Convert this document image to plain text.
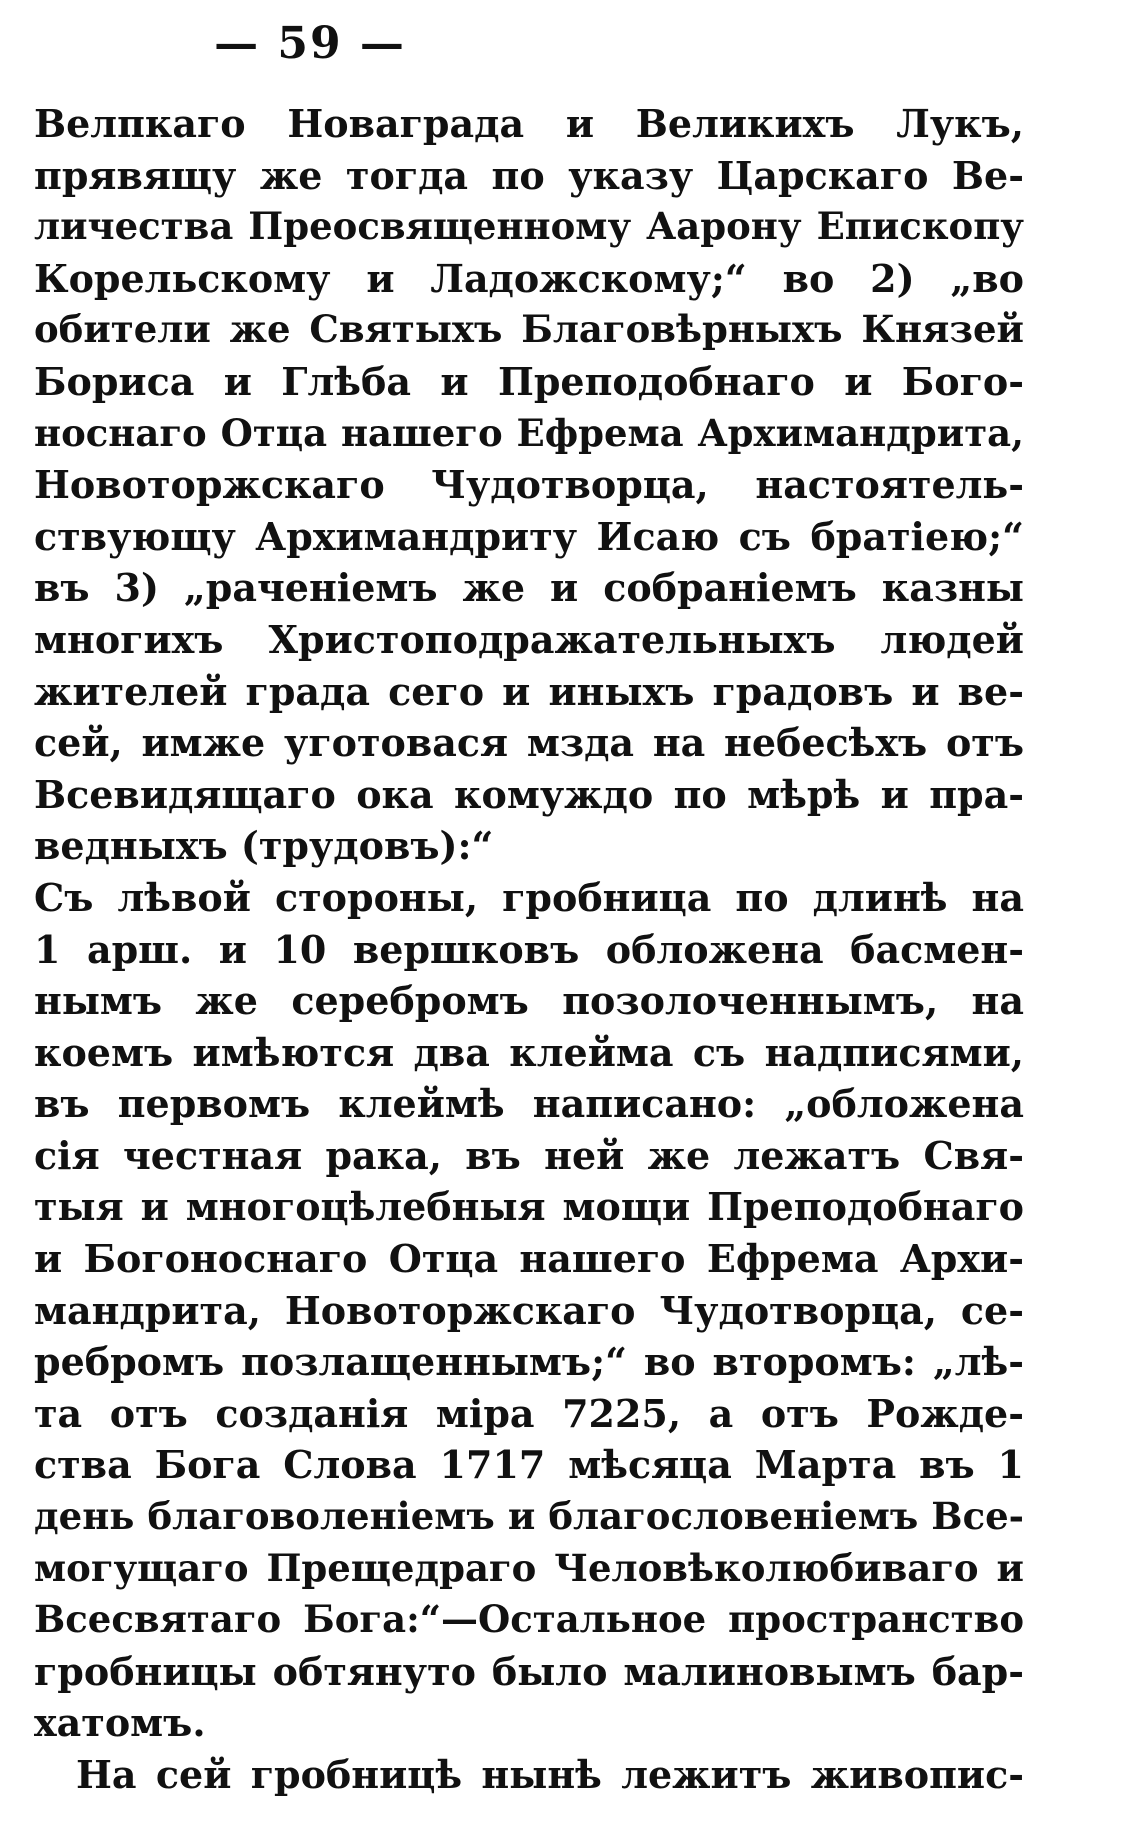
— 59 —
Велпкаго Новаграда и Великихъ Лукъ,
прявящу же тогда по указу Царскаго Ве-
личества Преосвященному Аарону Епископу
Корельскому и Ладожскому;“ во 2) „во
обители же Святыхъ Благовѣрныхъ Князей
Бориса и Глѣба и Преподобнаго и Бого-
носнаго Отца нашего Ефрема Архимандрита,
Новоторжскаго Чудотворца, настоятель-
ствующу Архимандриту Исаю съ братiею;“
въ 3) „раченiемъ же и собранiемъ казны
многихъ Христоподражательныхъ людей
жителей града сего и иныхъ градовъ и ве-
сей, имже уготовася мзда на небесѣхъ отъ
Всевидящаго ока комуждо по мѣрѣ и пра-
ведныхъ (трудовъ):“
Съ лѣвой стороны, гробница по длинѣ на
1 арш. и 10 вершковъ обложена басмен-
нымъ же серебромъ позолоченнымъ, на
коемъ имѣются два клейма съ надписями,
въ первомъ клеймѣ написано: „обложена
сiя честная рака, въ ней же лежатъ Свя-
тыя и многоцѣлебныя мощи Преподобнаго
и Богоноснаго Отца нашего Ефрема Архи-
мандрита, Новоторжскаго Чудотворца, се-
ребромъ позлащеннымъ;“ во второмъ: „лѣ-
та отъ созданiя мiра 7225, а отъ Рожде-
ства Бога Слова 1717 мѣсяца Марта въ 1
день благоволенiемъ и благословенiемъ Все-
могущаго Прещедраго Человѣколюбиваго и
Всесвятаго Бога:“—Остальное пространство
гробницы обтянуто было малиновымъ бар-
хатомъ.
На сей гробницѣ нынѣ лежитъ живопис-
